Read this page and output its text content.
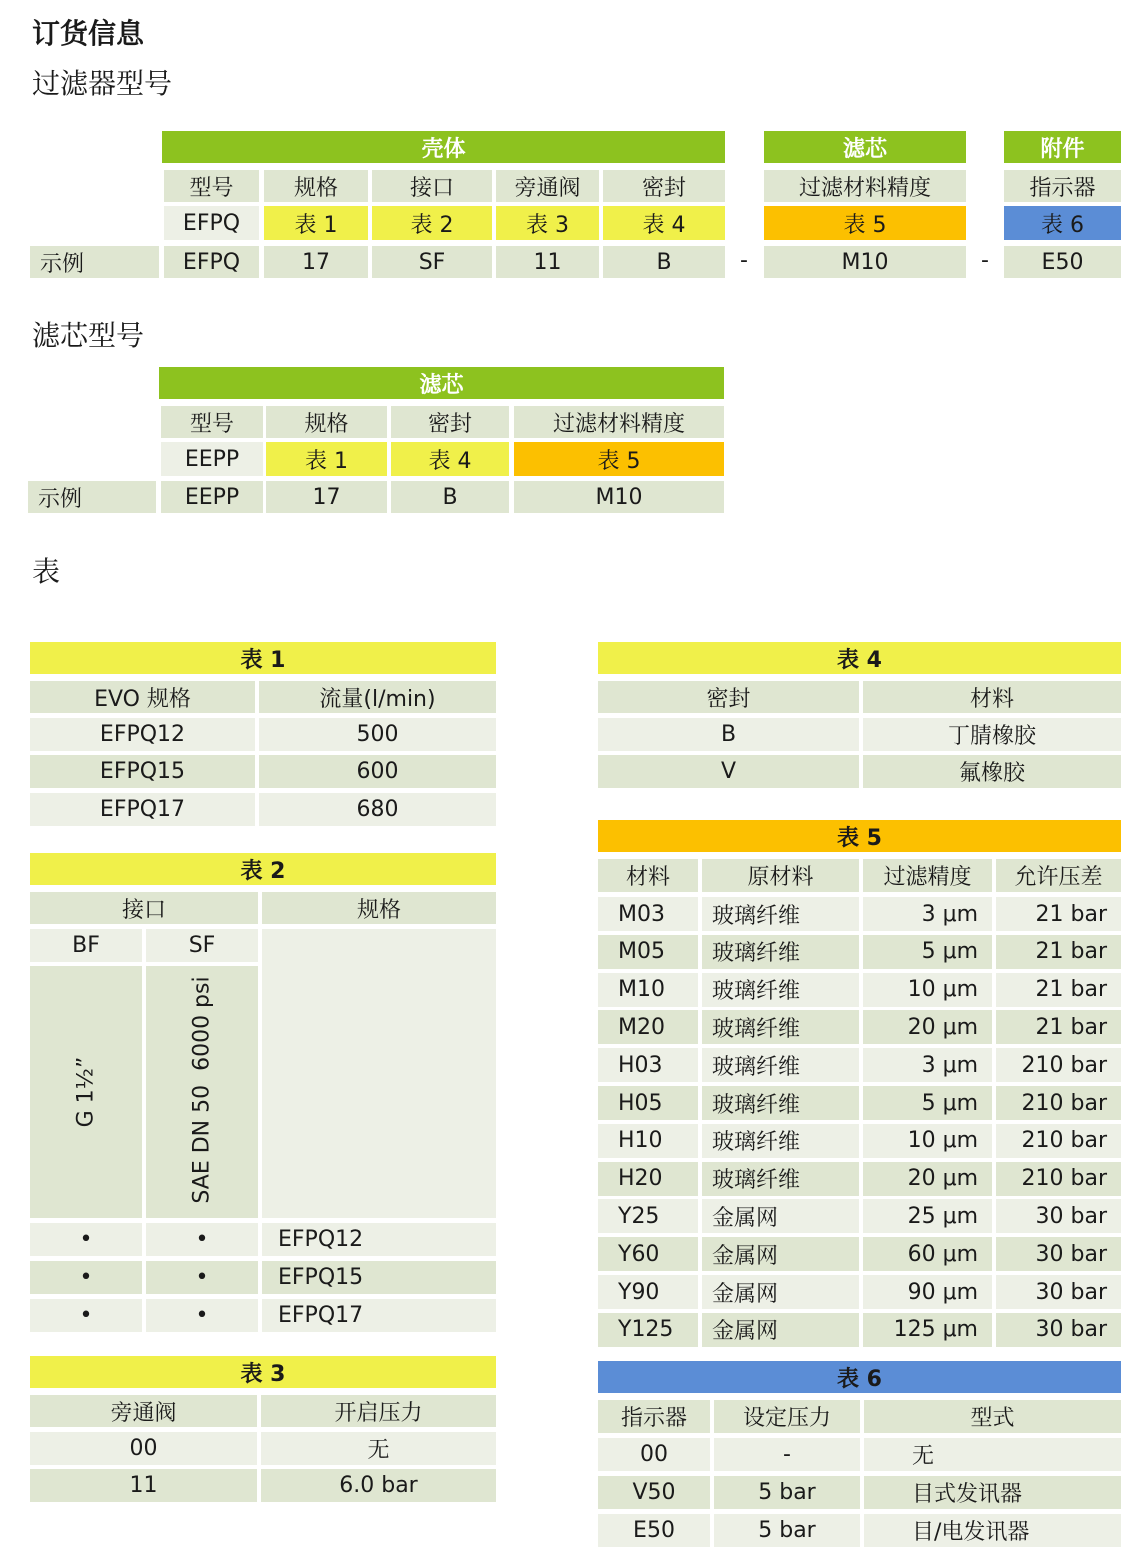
订货信息
过滤器型号
壳体	滤芯	附件
型号	规格	接口	旁通阀	密封	过滤材料精度	指示器
EFPQ	表 1	表 2	表 3	表 4	表 5	表 6
示例	EFPQ	17	SF	11	B	-	M10	-	E50
滤芯型号
滤芯
型号	规格	密封	过滤材料精度
EEPP	表 1	表 4	表 5
示例	EEPP	17	B	M10
表
表 1
EVO 规格	流量(l/min)
EFPQ12	500
EFPQ15	600
EFPQ17	680
表 2
接口	规格
BF	SF
G 1½”	SAE DN 50  6000 psi
•	•	EFPQ12
•	•	EFPQ15
•	•	EFPQ17
表 3
旁通阀	开启压力
00	无
11	6.0 bar
表 4
密封	材料
B	丁腈橡胶
V	氟橡胶
表 5
材料	原材料	过滤精度	允许压差
M03	玻璃纤维	3 μm	21 bar
M05	玻璃纤维	5 μm	21 bar
M10	玻璃纤维	10 μm	21 bar
M20	玻璃纤维	20 μm	21 bar
H03	玻璃纤维	3 μm	210 bar
H05	玻璃纤维	5 μm	210 bar
H10	玻璃纤维	10 μm	210 bar
H20	玻璃纤维	20 μm	210 bar
Y25	金属网	25 μm	30 bar
Y60	金属网	60 μm	30 bar
Y90	金属网	90 μm	30 bar
Y125	金属网	125 μm	30 bar
表 6
指示器	设定压力	型式
00	-	无
V50	5 bar	目式发讯器
E50	5 bar	目/电发讯器
